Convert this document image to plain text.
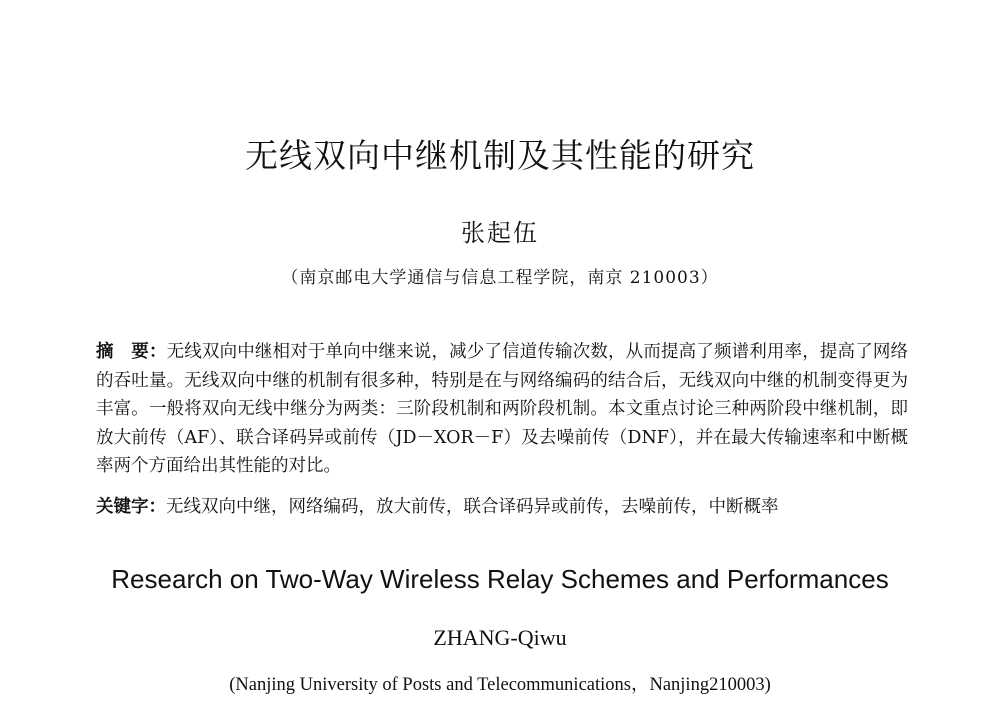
无线双向中继机制及其性能的研究
张起伍
（南京邮电大学通信与信息工程学院，南京 210003）
摘　要：无线双向中继相对于单向中继来说，减少了信道传输次数，从而提高了频谱利用率，提高了网络的吞吐量。无线双向中继的机制有很多种，特别是在与网络编码的结合后，无线双向中继的机制变得更为丰富。一般将双向无线中继分为两类：三阶段机制和两阶段机制。本文重点讨论三种两阶段中继机制，即放大前传（AF）、联合译码异或前传（JD－XOR－F）及去噪前传（DNF），并在最大传输速率和中断概率两个方面给出其性能的对比。
关键字：无线双向中继，网络编码，放大前传，联合译码异或前传，去噪前传，中断概率
Research on Two-Way Wireless Relay Schemes and Performances
ZHANG-Qiwu
(Nanjing University of Posts and Telecommunications，Nanjing210003)
